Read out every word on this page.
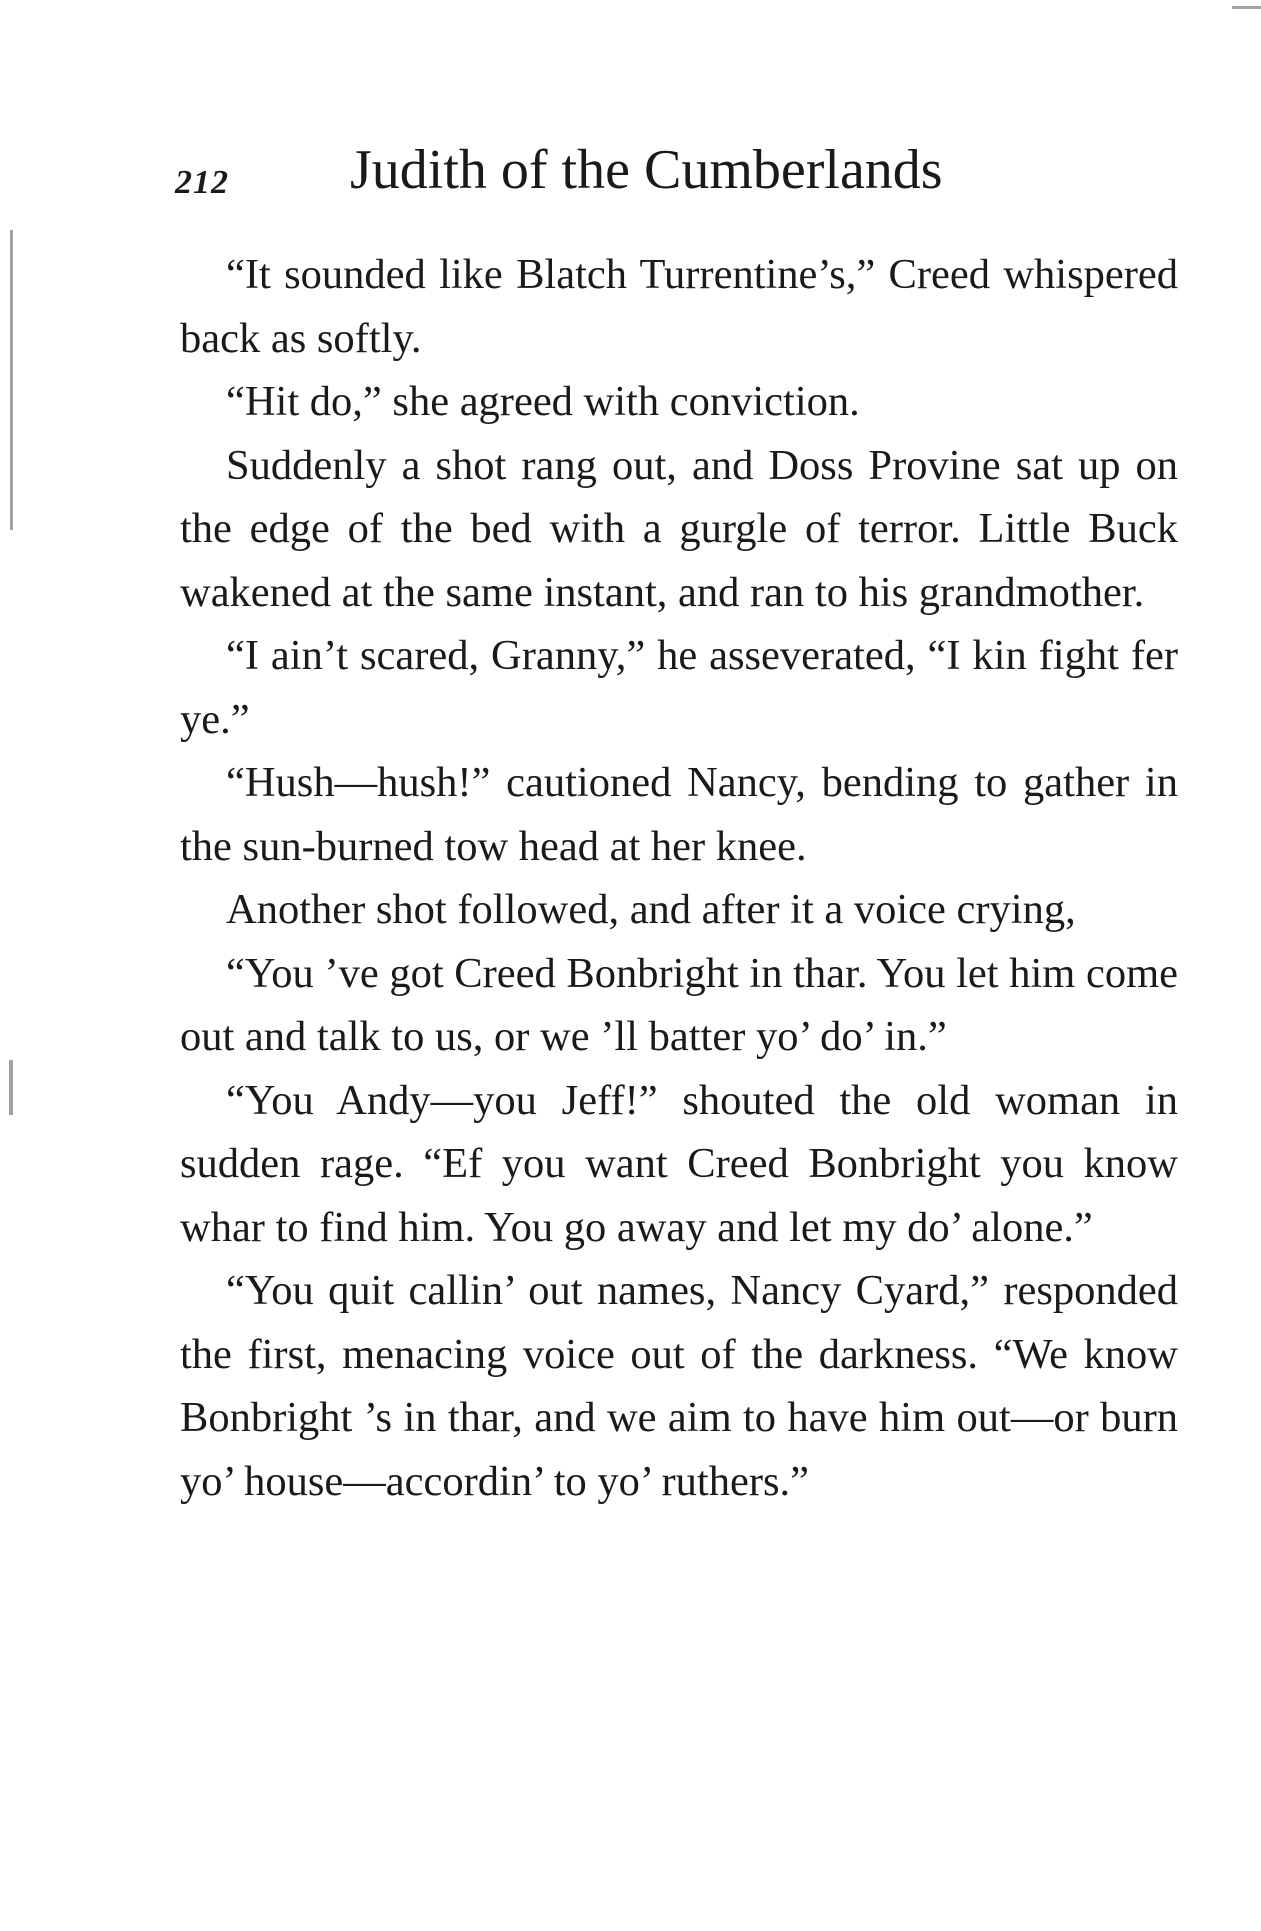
212 Judith of the Cumberlands

“It sounded like Blatch Turrentine’s,” Creed whispered back as softly.

“Hit do,” she agreed with conviction.

Suddenly a shot rang out, and Doss Provine sat up on the edge of the bed with a gurgle of terror. Little Buck wakened at the same instant, and ran to his grandmother.

“I ain’t scared, Granny,” he asseverated, “I kin fight fer ye.”

“Hush—hush!” cautioned Nancy, bending to gather in the sun-burned tow head at her knee.

Another shot followed, and after it a voice crying,

“You ’ve got Creed Bonbright in thar. You let him come out and talk to us, or we ’ll batter yo’ do’ in.”

“You Andy—you Jeff!” shouted the old woman in sudden rage. “Ef you want Creed Bonbright you know whar to find him. You go away and let my do’ alone.”

“You quit callin’ out names, Nancy Cyard,” responded the first, menacing voice out of the darkness. “We know Bonbright ’s in thar, and we aim to have him out—or burn yo’ house—accordin’ to yo’ ruthers.”
